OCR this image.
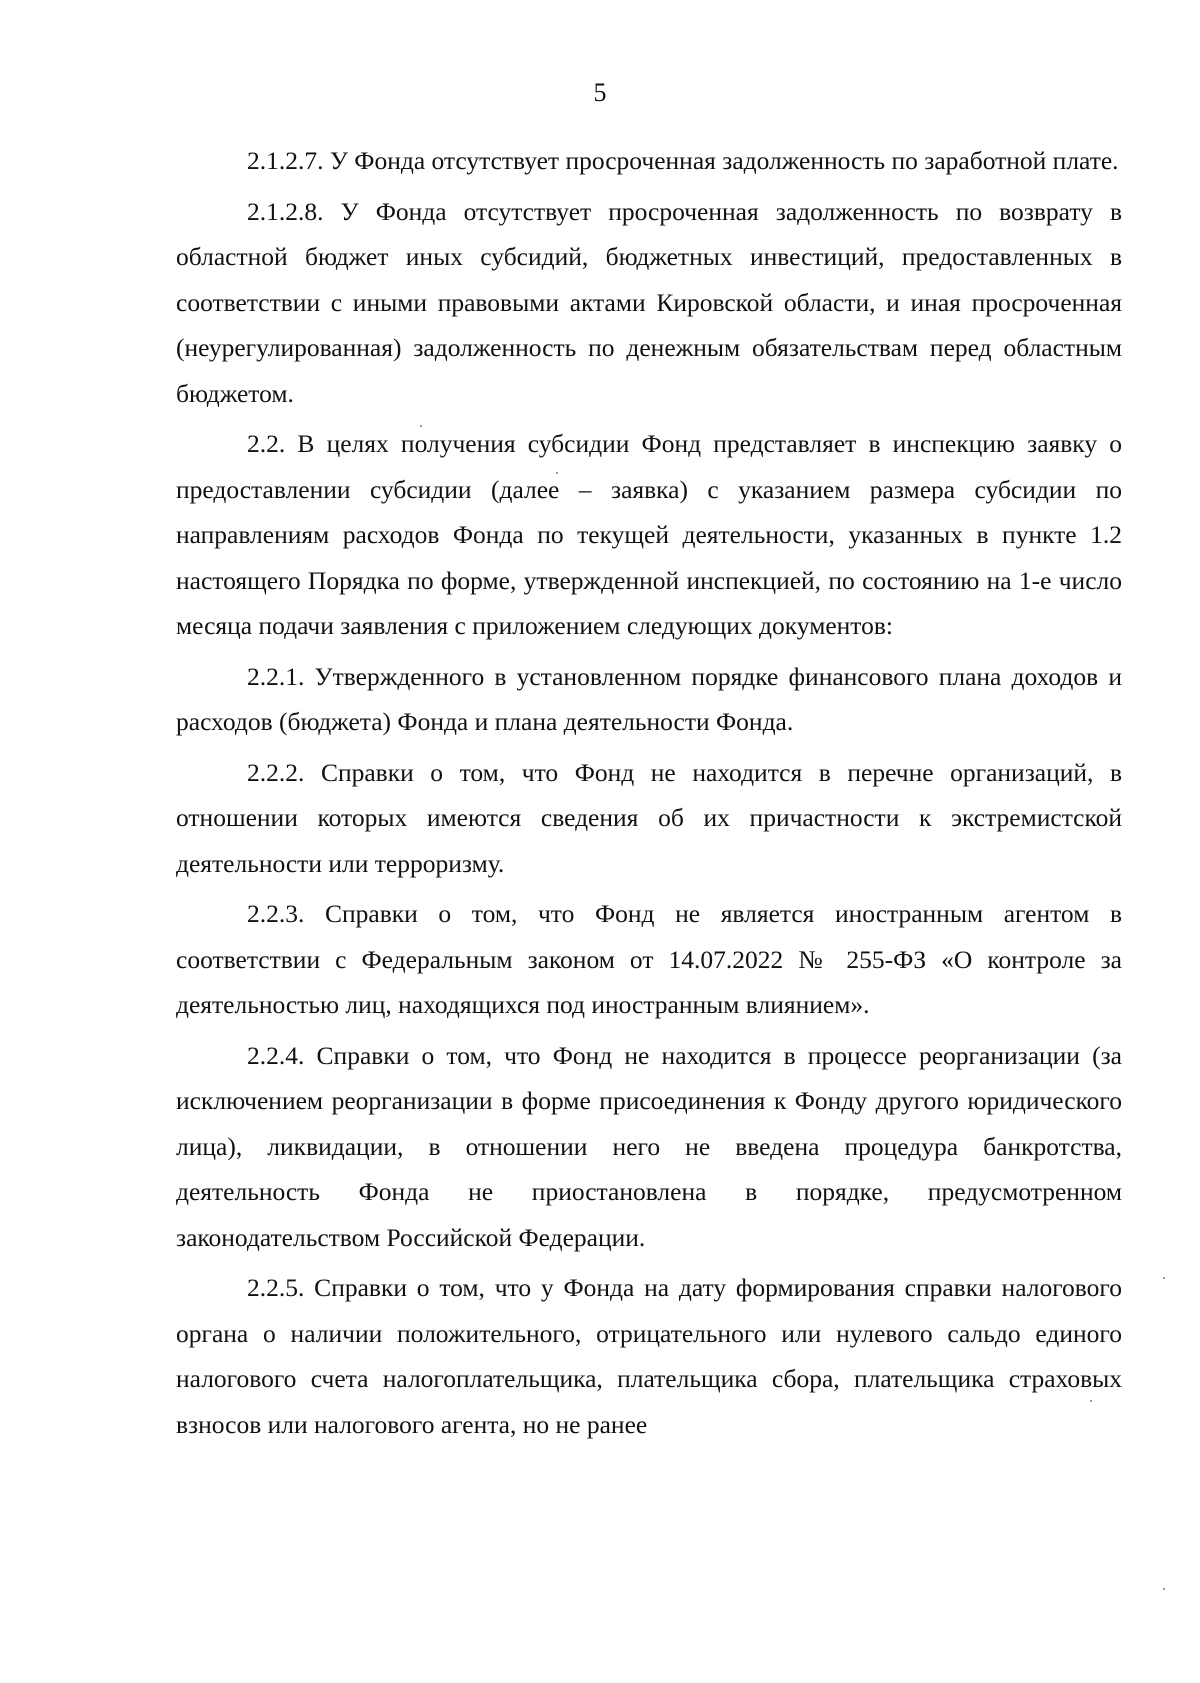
5

2.1.2.7. У Фонда отсутствует просроченная задолженность по заработной плате.

2.1.2.8. У Фонда отсутствует просроченная задолженность по возврату в областной бюджет иных субсидий, бюджетных инвестиций, предоставленных в соответствии с иными правовыми актами Кировской области, и иная просроченная (неурегулированная) задолженность по денежным обязательствам перед областным бюджетом.

2.2. В целях получения субсидии Фонд представляет в инспекцию заявку о предоставлении субсидии (далее – заявка) с указанием размера субсидии по направлениям расходов Фонда по текущей деятельности, указанных в пункте 1.2 настоящего Порядка по форме, утвержденной инспекцией, по состоянию на 1-е число месяца подачи заявления с приложением следующих документов:

2.2.1. Утвержденного в установленном порядке финансового плана доходов и расходов (бюджета) Фонда и плана деятельности Фонда.

2.2.2. Справки о том, что Фонд не находится в перечне организаций, в отношении которых имеются сведения об их причастности к экстремистской деятельности или терроризму.

2.2.3. Справки о том, что Фонд не является иностранным агентом в соответствии с Федеральным законом от 14.07.2022 № 255-ФЗ «О контроле за деятельностью лиц, находящихся под иностранным влиянием».

2.2.4. Справки о том, что Фонд не находится в процессе реорганизации (за исключением реорганизации в форме присоединения к Фонду другого юридического лица), ликвидации, в отношении него не введена процедура банкротства, деятельность Фонда не приостановлена в порядке, предусмотренном законодательством Российской Федерации.

2.2.5. Справки о том, что у Фонда на дату формирования справки налогового органа о наличии положительного, отрицательного или нулевого сальдо единого налогового счета налогоплательщика, плательщика сбора, плательщика страховых взносов или налогового агента, но не ранее
